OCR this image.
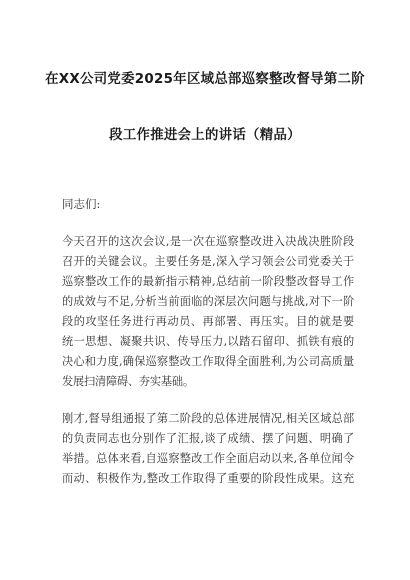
在XX公司党委2025年区域总部巡察整改督导第二阶
段工作推进会上的讲话（精品）
同志们:
今天召开的这次会议,是一次在巡察整改进入决战决胜阶段
召开的关键会议。主要任务是,深入学习领会公司党委关于
巡察整改工作的最新指示精神,总结前一阶段整改督导工作
的成效与不足,分析当前面临的深层次问题与挑战,对下一阶
段的攻坚任务进行再动员、再部署、再压实。目的就是要
统一思想、凝聚共识、传导压力,以踏石留印、抓铁有痕的
决心和力度,确保巡察整改工作取得全面胜利,为公司高质量
发展扫清障碍、夯实基础。
刚才,督导组通报了第二阶段的总体进展情况,相关区域总部
的负责同志也分别作了汇报,谈了成绩、摆了问题、明确了
举措。总体来看,自巡察整改工作全面启动以来,各单位闻令
而动、积极作为,整改工作取得了重要的阶段性成果。这充
